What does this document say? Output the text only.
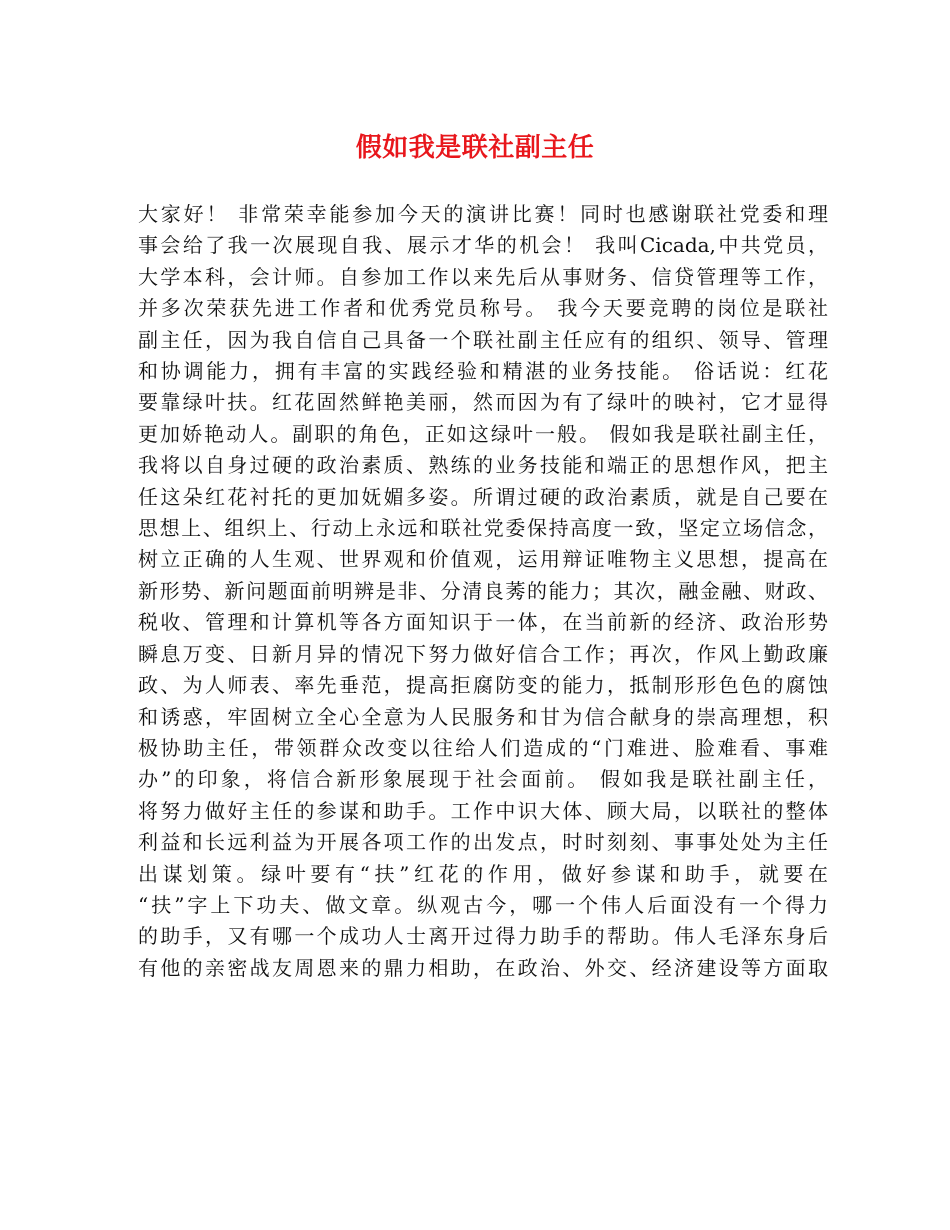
假如我是联社副主任
大家好！ 非常荣幸能参加今天的演讲比赛！同时也感谢联社党委和理
事会给了我一次展现自我、展示才华的机会！ 我叫Cicada,中共党员，
大学本科，会计师。自参加工作以来先后从事财务、信贷管理等工作，
并多次荣获先进工作者和优秀党员称号。 我今天要竞聘的岗位是联社
副主任，因为我自信自己具备一个联社副主任应有的组织、领导、管理
和协调能力，拥有丰富的实践经验和精湛的业务技能。 俗话说：红花
要靠绿叶扶。红花固然鲜艳美丽，然而因为有了绿叶的映衬，它才显得
更加娇艳动人。副职的角色，正如这绿叶一般。 假如我是联社副主任，
我将以自身过硬的政治素质、熟练的业务技能和端正的思想作风，把主
任这朵红花衬托的更加妩媚多姿。所谓过硬的政治素质，就是自己要在
思想上、组织上、行动上永远和联社党委保持高度一致，坚定立场信念，
树立正确的人生观、世界观和价值观，运用辩证唯物主义思想，提高在
新形势、新问题面前明辨是非、分清良莠的能力；其次，融金融、财政、
税收、管理和计算机等各方面知识于一体，在当前新的经济、政治形势
瞬息万变、日新月异的情况下努力做好信合工作；再次，作风上勤政廉
政、为人师表、率先垂范，提高拒腐防变的能力，抵制形形色色的腐蚀
和诱惑，牢固树立全心全意为人民服务和甘为信合献身的崇高理想，积
极协助主任，带领群众改变以往给人们造成的“门难进、脸难看、事难
办”的印象，将信合新形象展现于社会面前。 假如我是联社副主任，
将努力做好主任的参谋和助手。工作中识大体、顾大局，以联社的整体
利益和长远利益为开展各项工作的出发点，时时刻刻、事事处处为主任
出谋划策。绿叶要有“扶”红花的作用，做好参谋和助手，就要在
“扶”字上下功夫、做文章。纵观古今，哪一个伟人后面没有一个得力
的助手，又有哪一个成功人士离开过得力助手的帮助。伟人毛泽东身后
有他的亲密战友周恩来的鼎力相助，在政治、外交、经济建设等方面取
